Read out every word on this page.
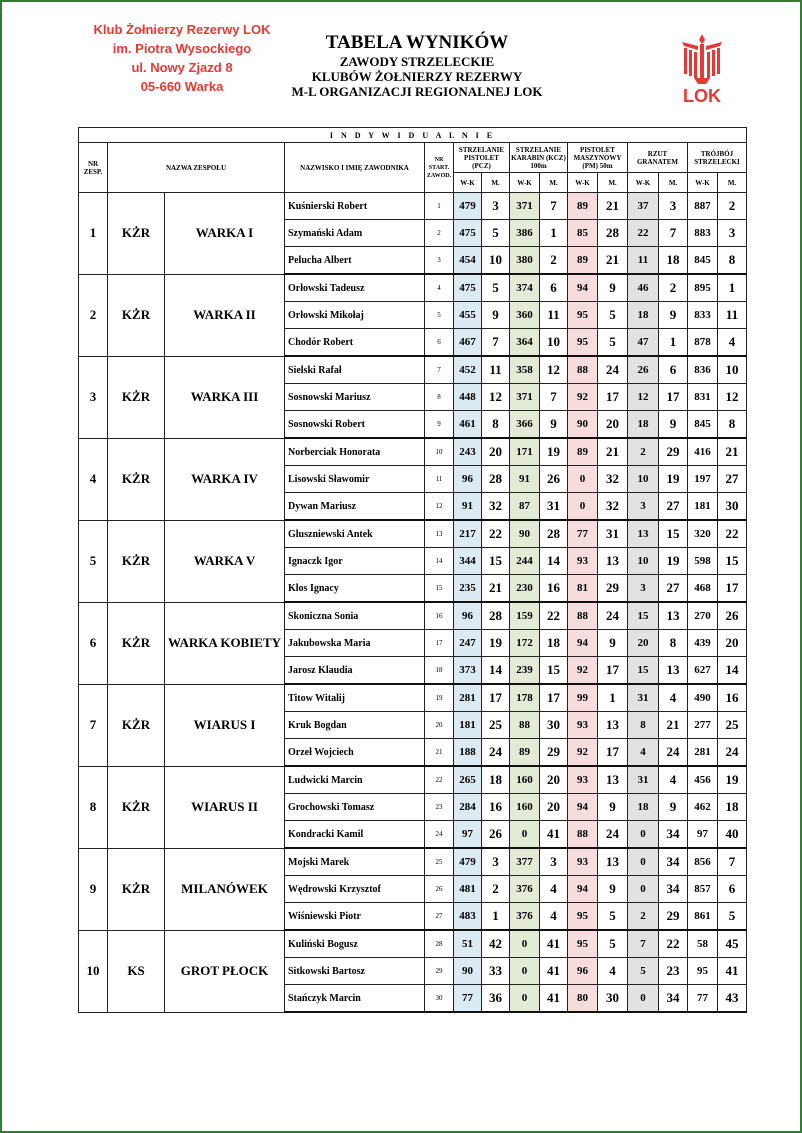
Klub Żołnierzy Rezerwy LOK
im. Piotra Wysockiego
ul. Nowy Zjazd 8
05-660 Warka
TABELA WYNIKÓW
ZAWODY STRZELECKIE
KLUBÓW ŻOŁNIERZY REZERWY
M-L ORGANIZACJI REGIONALNEJ LOK	LOK
I N D Y W I D U A L N I E														
NR ZESP.	NAZWA ZESPOŁU		NAZWISKO I IMIĘ ZAWODNIKA	NR START. ZAWOD.	STRZELANIE PISTOLET (PCZ)		STRZELANIE KARABIN (KCZ) 100m		PISTOLET MASZYNOWY (PM) 50m		RZUT GRANATEM		TRÓJBÓJ STRZELECKI	
					W-K	M.	W-K	M.	W-K	M.	W-K	M.	W-K	M.
1	KŻR	WARKA I	Kuśnierski Robert	1	479	3	371	7	89	21	37	3	887	2
			Szymański Adam	2	475	5	386	1	85	28	22	7	883	3
			Pelucha Albert	3	454	10	380	2	89	21	11	18	845	8
2	KŻR	WARKA II	Orłowski Tadeusz	4	475	5	374	6	94	9	46	2	895	1
			Orłowski Mikołaj	5	455	9	360	11	95	5	18	9	833	11
			Chodór Robert	6	467	7	364	10	95	5	47	1	878	4
3	KŻR	WARKA III	Sielski Rafał	7	452	11	358	12	88	24	26	6	836	10
			Sosnowski Mariusz	8	448	12	371	7	92	17	12	17	831	12
			Sosnowski Robert	9	461	8	366	9	90	20	18	9	845	8
4	KŻR	WARKA IV	Norberciak Honorata	10	243	20	171	19	89	21	2	29	416	21
			Lisowski Sławomir	11	96	28	91	26	0	32	10	19	197	27
			Dywan Mariusz	12	91	32	87	31	0	32	3	27	181	30
5	KŻR	WARKA V	Gluszniewski Antek	13	217	22	90	28	77	31	13	15	320	22
			Ignaczk Igor	14	344	15	244	14	93	13	10	19	598	15
			Klos Ignacy	15	235	21	230	16	81	29	3	27	468	17
6	KŻR	WARKA KOBIETY	Skoniczna Sonia	16	96	28	159	22	88	24	15	13	270	26
			Jakubowska Maria	17	247	19	172	18	94	9	20	8	439	20
			Jarosz Klaudia	18	373	14	239	15	92	17	15	13	627	14
7	KŻR	WIARUS I	Titow Witalij	19	281	17	178	17	99	1	31	4	490	16
			Kruk Bogdan	20	181	25	88	30	93	13	8	21	277	25
			Orzeł Wojciech	21	188	24	89	29	92	17	4	24	281	24
8	KŻR	WIARUS II	Ludwicki Marcin	22	265	18	160	20	93	13	31	4	456	19
			Grochowski Tomasz	23	284	16	160	20	94	9	18	9	462	18
			Kondracki Kamil	24	97	26	0	41	88	24	0	34	97	40
9	KŻR	MILANÓWEK	Mojski Marek	25	479	3	377	3	93	13	0	34	856	7
			Wędrowski Krzysztof	26	481	2	376	4	94	9	0	34	857	6
			Wiśniewski Piotr	27	483	1	376	4	95	5	2	29	861	5
10	KS	GROT PŁOCK	Kuliński Bogusz	28	51	42	0	41	95	5	7	22	58	45
			Sitkowski Bartosz	29	90	33	0	41	96	4	5	23	95	41
			Stańczyk Marcin	30	77	36	0	41	80	30	0	34	77	43
